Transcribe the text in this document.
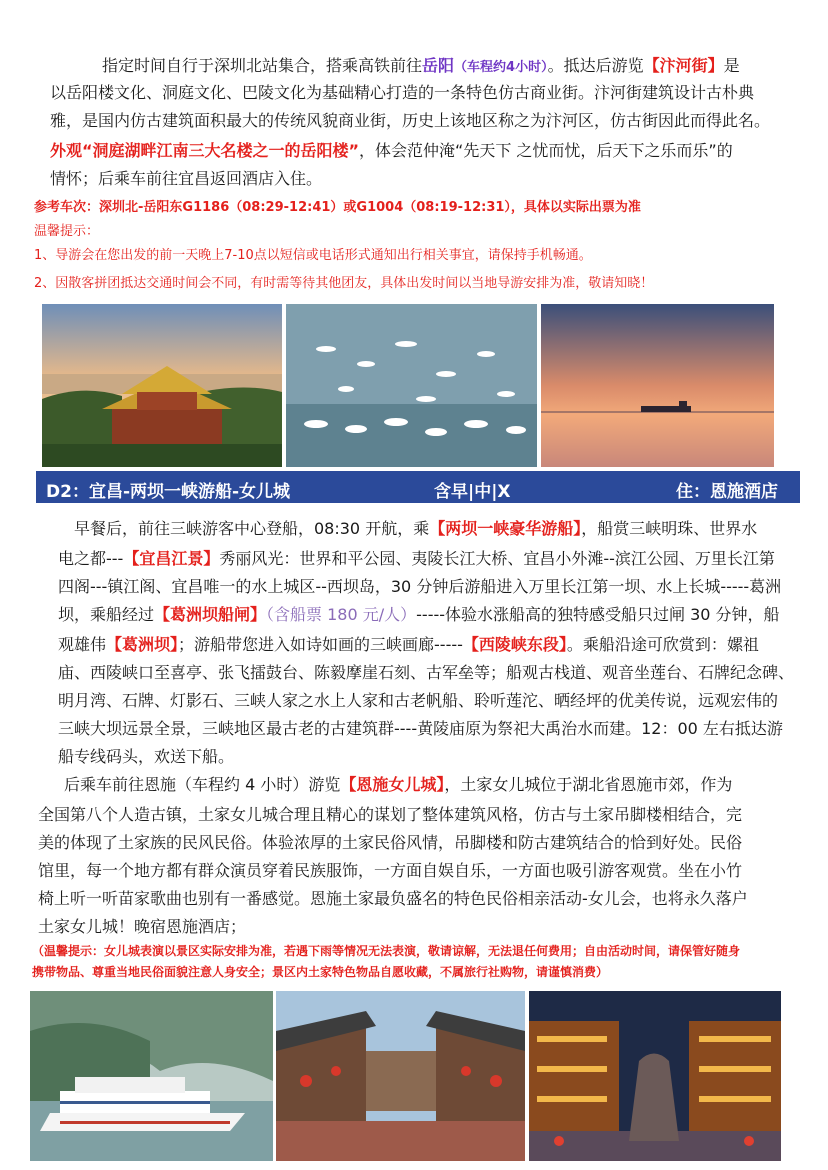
指定时间自行于深圳北站集合，搭乘高铁前往岳阳（车程约4小时）。抵达后游览【汴河街】是
以岳阳楼文化、洞庭文化、巴陵文化为基础精心打造的一条特色仿古商业街。汴河街建筑设计古朴典
雅，是国内仿古建筑面积最大的传统风貌商业街，历史上该地区称之为汴河区，仿古街因此而得此名。
外观“洞庭湖畔江南三大名楼之一的岳阳楼”，体会范仲淹“先天下 之忧而忧，后天下之乐而乐”的
情怀；后乘车前往宜昌返回酒店入住。
参考车次：深圳北-岳阳东G1186（08:29-12:41）或G1004（08:19-12:31），具体以实际出票为准
温馨提示：
1、导游会在您出发的前一天晚上7-10点以短信或电话形式通知出行相关事宜，请保持手机畅通。
2、因散客拼团抵达交通时间会不同，有时需等待其他团友，具体出发时间以当地导游安排为准，敬请知晓！
D2：宜昌-两坝一峡游船-女儿城	含早|中|X	住：恩施酒店
早餐后，前往三峡游客中心登船，08:30 开航，乘【两坝一峡豪华游船】，船赏三峡明珠、世界水
电之都---【宜昌江景】秀丽风光：世界和平公园、夷陵长江大桥、宜昌小外滩--滨江公园、万里长江第
四阁---镇江阁、宜昌唯一的水上城区--西坝岛，30 分钟后游船进入万里长江第一坝、水上长城-----葛洲
坝，乘船经过【葛洲坝船闸】（含船票 180 元/人）-----体验水涨船高的独特感受船只过闸 30 分钟，船
观雄伟【葛洲坝】；游船带您进入如诗如画的三峡画廊-----【西陵峡东段】。乘船沿途可欣赏到：嫘祖
庙、西陵峡口至喜亭、张飞擂鼓台、陈毅摩崖石刻、古军垒等；船观古栈道、观音坐莲台、石牌纪念碑、
明月湾、石牌、灯影石、三峡人家之水上人家和古老帆船、聆听莲沱、晒经坪的优美传说，远观宏伟的
三峡大坝远景全景，三峡地区最古老的古建筑群----黄陵庙原为祭祀大禹治水而建。12：00 左右抵达游
船专线码头，欢送下船。
后乘车前往恩施（车程约 4 小时）游览【恩施女儿城】，土家女儿城位于湖北省恩施市郊，作为
全国第八个人造古镇，土家女儿城合理且精心的谋划了整体建筑风格，仿古与土家吊脚楼相结合，完
美的体现了土家族的民风民俗。体验浓厚的土家民俗风情，吊脚楼和防古建筑结合的恰到好处。民俗
馆里，每一个地方都有群众演员穿着民族服饰，一方面自娱自乐，一方面也吸引游客观赏。坐在小竹
椅上听一听苗家歌曲也别有一番感觉。恩施土家最负盛名的特色民俗相亲活动-女儿会，也将永久落户
土家女儿城！晚宿恩施酒店；
（温馨提示：女儿城表演以景区实际安排为准，若遇下雨等情况无法表演，敬请谅解，无法退任何费用；自由活动时间，请保管好随身
携带物品、尊重当地民俗面貌注意人身安全；景区内土家特色物品自愿收藏，不属旅行社购物，请谨慎消费）
